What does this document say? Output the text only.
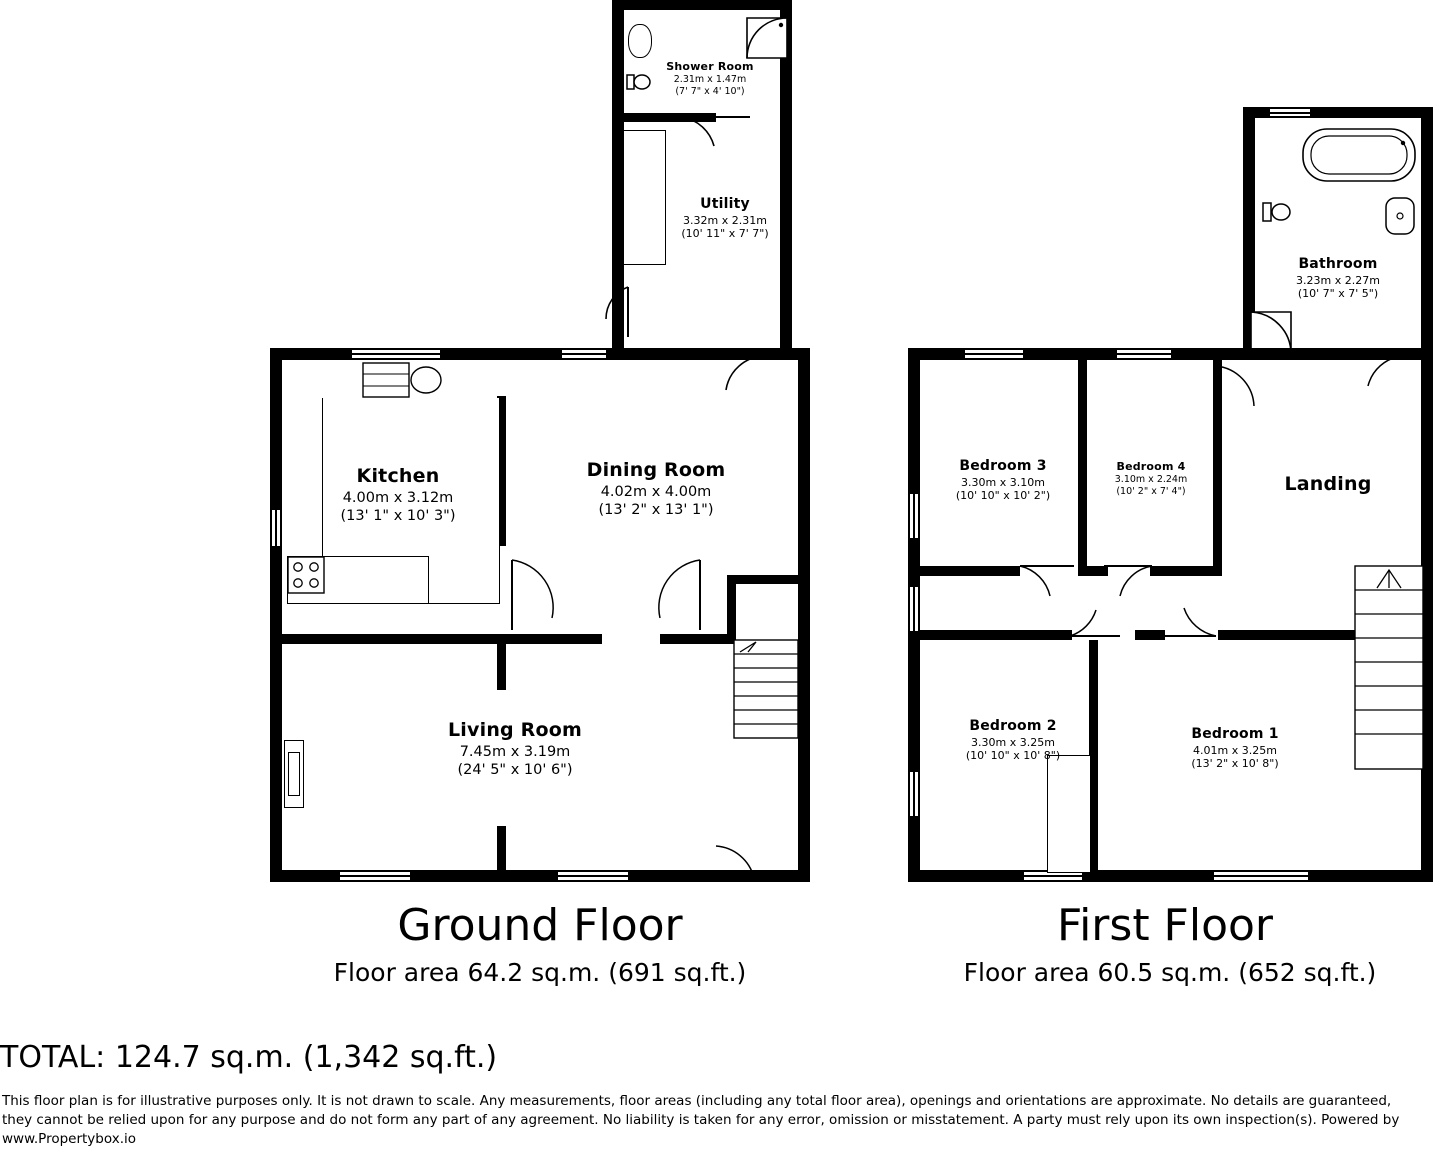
Shower Room
2.31m x 1.47m
(7' 7" x 4' 10")
Utility
3.32m x 2.31m
(10' 11" x 7' 7")
Kitchen
4.00m x 3.12m
(13' 1" x 10' 3")
Dining Room
4.02m x 4.00m
(13' 2" x 13' 1")
Living Room
7.45m x 3.19m
(24' 5" x 10' 6")
Bathroom
3.23m x 2.27m
(10' 7" x 7' 5")
Bedroom 3
3.30m x 3.10m
(10' 10" x 10' 2")
Bedroom 4
3.10m x 2.24m
(10' 2" x 7' 4")	Landing
Bedroom 2
3.30m x 3.25m
(10' 10" x 10' 8")
Bedroom 1
4.01m x 3.25m
(13' 2" x 10' 8")
Ground Floor
Floor area 64.2 sq.m. (691 sq.ft.)
First Floor
Floor area 60.5 sq.m. (652 sq.ft.)
TOTAL: 124.7 sq.m. (1,342 sq.ft.)
This floor plan is for illustrative purposes only. It is not drawn to scale. Any measurements, floor areas (including any total floor area), openings and orientations are approximate. No details are guaranteed, they cannot be relied upon for any purpose and do not form any part of any agreement. No liability is taken for any error, omission or misstatement. A party must rely upon its own inspection(s). Powered by www.Propertybox.io
